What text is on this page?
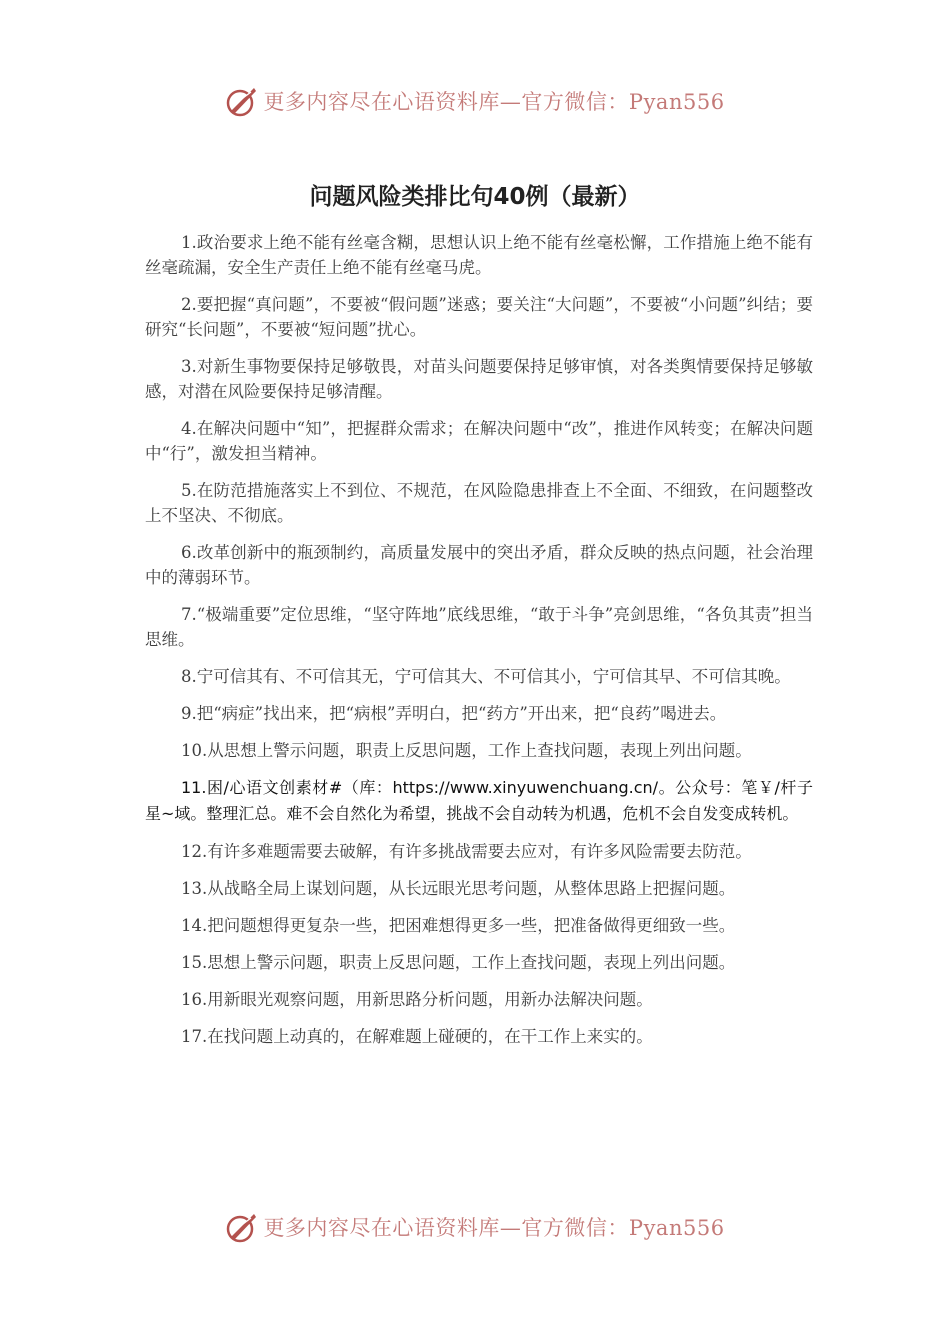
更多内容尽在心语资料库—官方微信：Pyan556
问题风险类排比句40例（最新）

1.政治要求上绝不能有丝毫含糊，思想认识上绝不能有丝毫松懈，工作措施上绝不能有丝毫疏漏，安全生产责任上绝不能有丝毫马虎。

2.要把握“真问题”，不要被“假问题”迷惑；要关注“大问题”，不要被“小问题”纠结；要研究“长问题”，不要被“短问题”扰心。

3.对新生事物要保持足够敬畏，对苗头问题要保持足够审慎，对各类舆情要保持足够敏感，对潜在风险要保持足够清醒。

4.在解决问题中“知”，把握群众需求；在解决问题中“改”，推进作风转变；在解决问题中“行”，激发担当精神。

5.在防范措施落实上不到位、不规范，在风险隐患排查上不全面、不细致，在问题整改上不坚决、不彻底。

6.改革创新中的瓶颈制约，高质量发展中的突出矛盾，群众反映的热点问题，社会治理中的薄弱环节。

7.“极端重要”定位思维，“坚守阵地”底线思维，“敢于斗争”亮剑思维，“各负其责”担当思维。

8.宁可信其有、不可信其无，宁可信其大、不可信其小，宁可信其早、不可信其晚。

9.把“病症”找出来，把“病根”弄明白，把“药方”开出来，把“良药”喝进去。

10.从思想上警示问题，职责上反思问题，工作上查找问题，表现上列出问题。

11.困/心语文创素材#（库：https://www.xinyuwenchuang.cn/。公众号：笔￥/杆子星~域。整理汇总。难不会自然化为希望，挑战不会自动转为机遇，危机不会自发变成转机。

12.有许多难题需要去破解，有许多挑战需要去应对，有许多风险需要去防范。

13.从战略全局上谋划问题，从长远眼光思考问题，从整体思路上把握问题。

14.把问题想得更复杂一些，把困难想得更多一些，把准备做得更细致一些。

15.思想上警示问题，职责上反思问题，工作上查找问题，表现上列出问题。

16.用新眼光观察问题，用新思路分析问题，用新办法解决问题。

17.在找问题上动真的，在解难题上碰硬的，在干工作上来实的。

更多内容尽在心语资料库—官方微信：Pyan556
